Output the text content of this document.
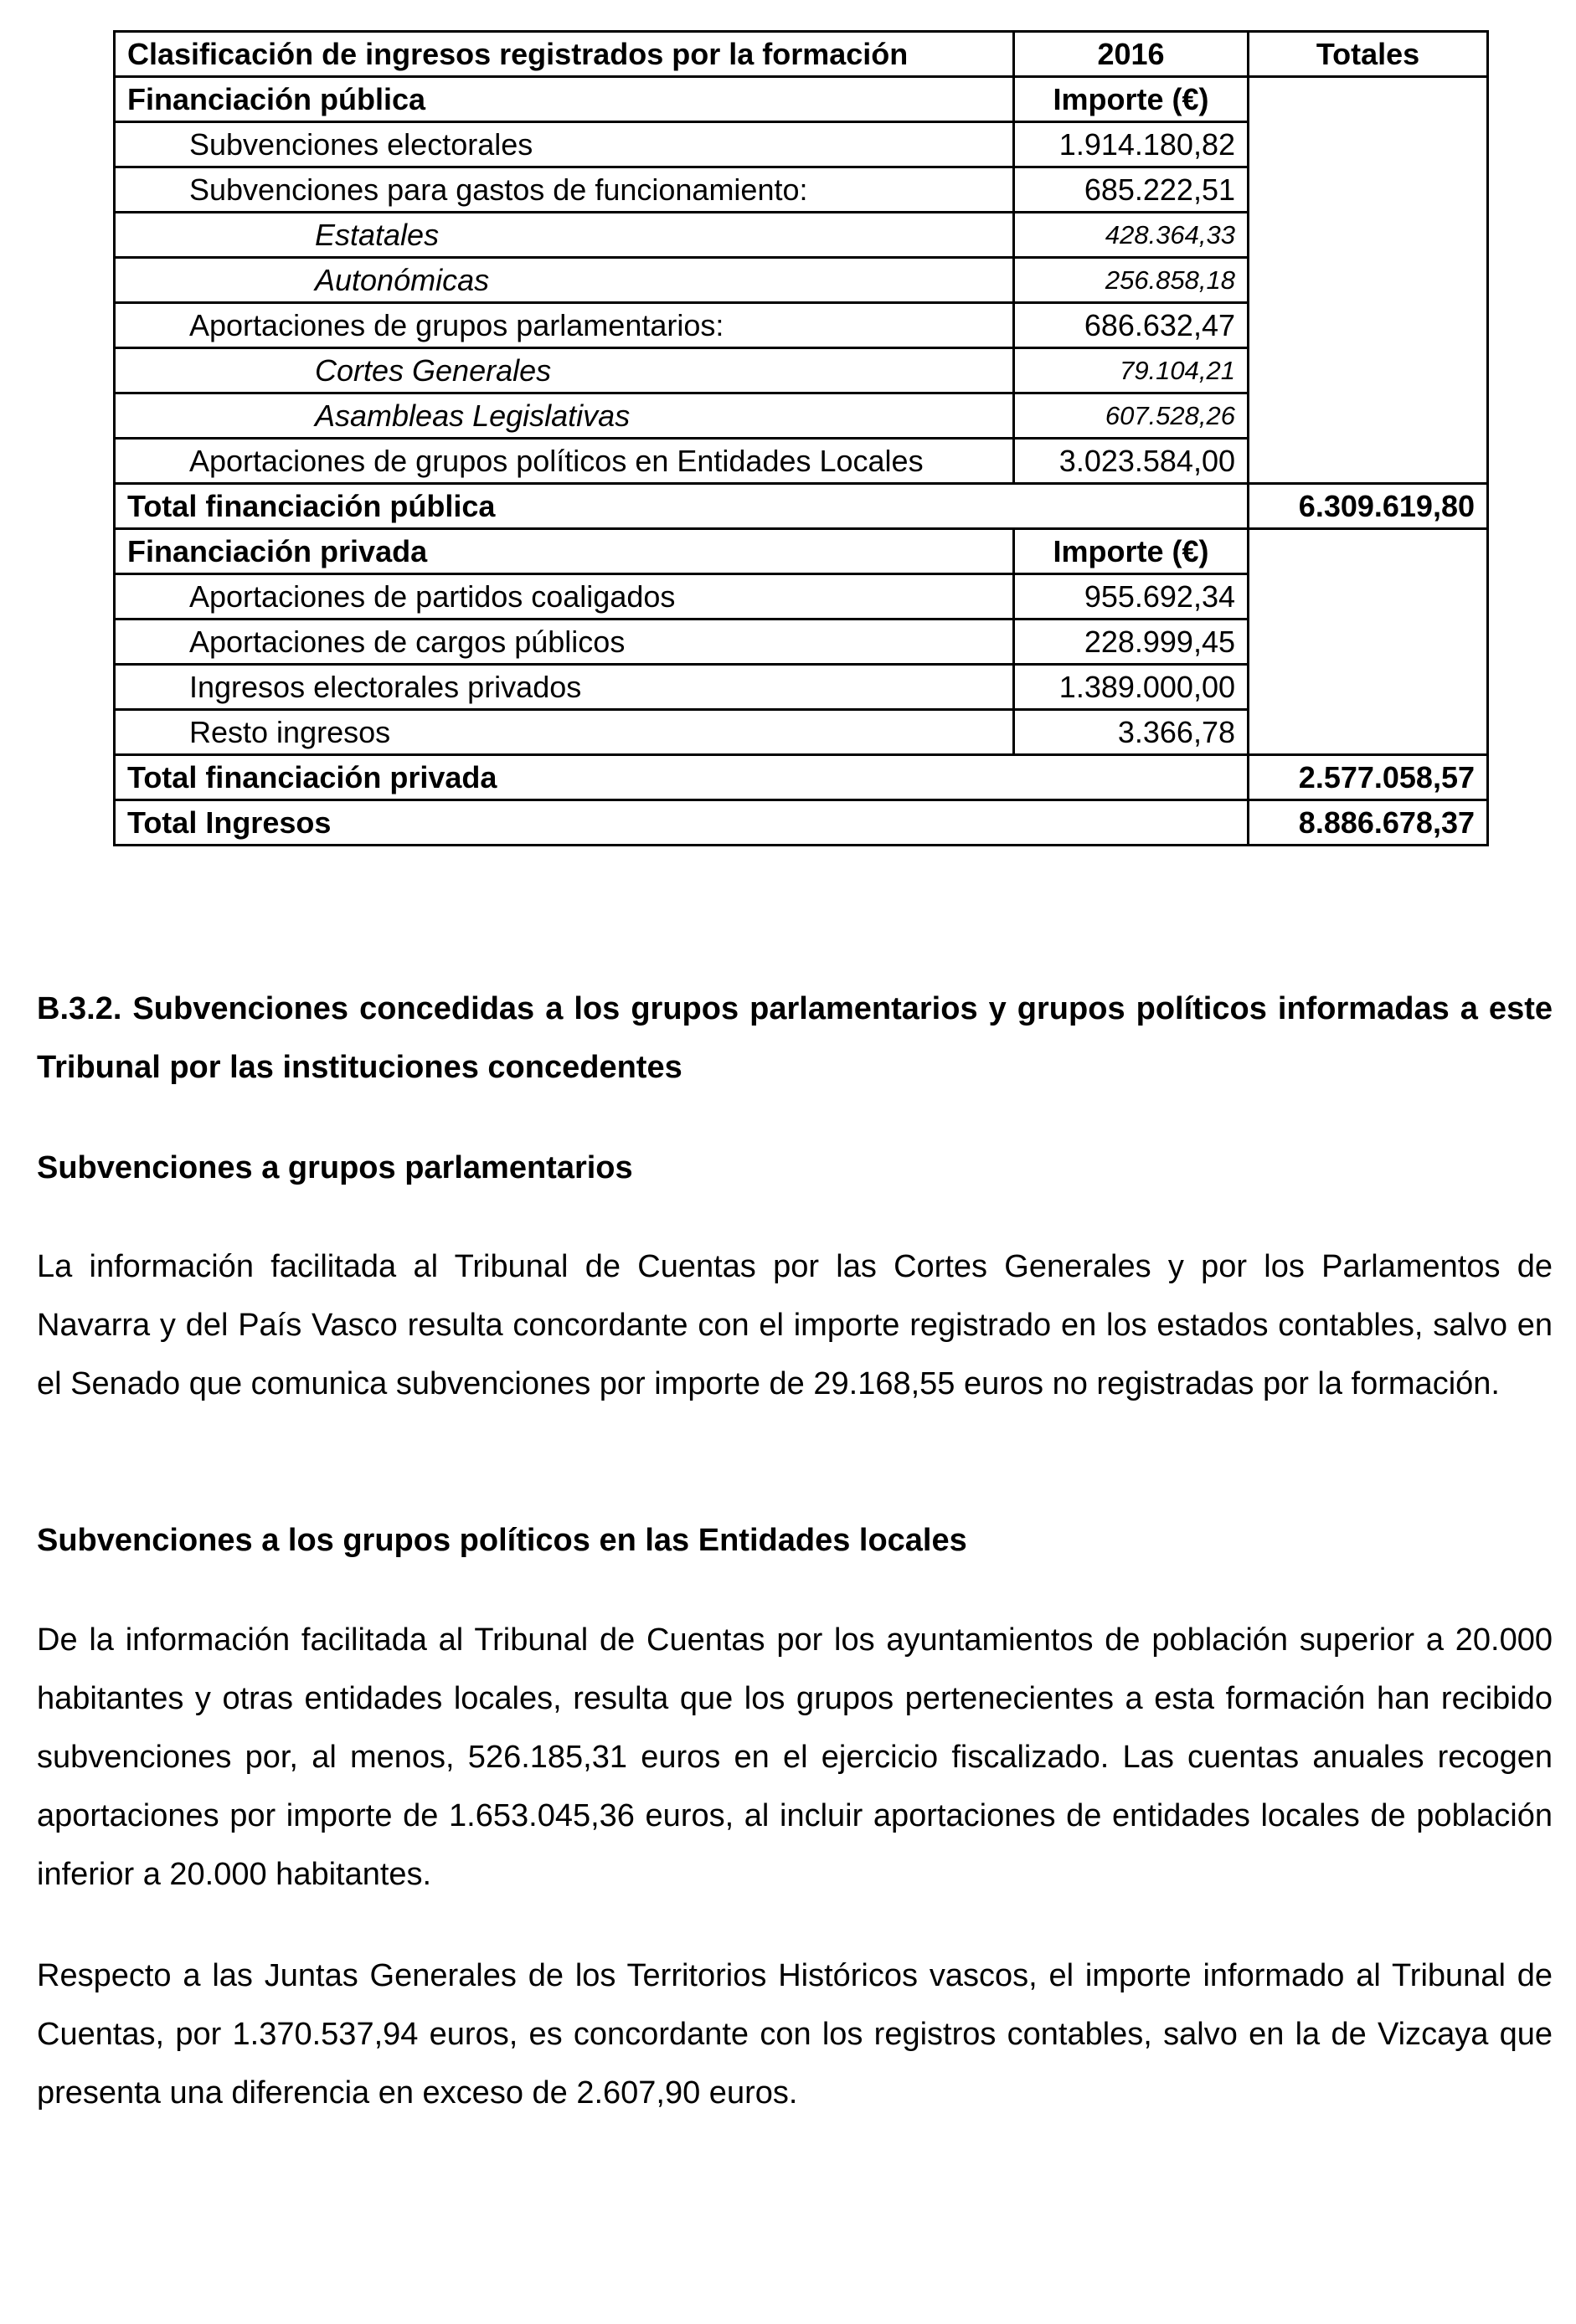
Clasificación de ingresos registrados por la formación	2016	Totales
Financiación pública	Importe (€)	
Subvenciones electorales	1.914.180,82	
Subvenciones para gastos de funcionamiento:	685.222,51	
Estatales	428.364,33	
Autonómicas	256.858,18	
Aportaciones de grupos parlamentarios:	686.632,47	
Cortes Generales	79.104,21	
Asambleas Legislativas	607.528,26	
Aportaciones de grupos políticos en Entidades Locales	3.023.584,00	
Total financiación pública		6.309.619,80
Financiación privada	Importe (€)	
Aportaciones de partidos coaligados	955.692,34	
Aportaciones de cargos públicos	228.999,45	
Ingresos electorales privados	1.389.000,00	
Resto ingresos	3.366,78	
Total financiación privada		2.577.058,57
Total Ingresos		8.886.678,37
B.3.2. Subvenciones concedidas a los grupos parlamentarios y grupos políticos informadas a este Tribunal por las instituciones concedentes
Subvenciones a grupos parlamentarios
La información facilitada al Tribunal de Cuentas por las Cortes Generales y por los Parlamentos de Navarra y del País Vasco resulta concordante con el importe registrado en los estados contables, salvo en el Senado que comunica subvenciones por importe de 29.168,55 euros no registradas por la formación.
Subvenciones a los grupos políticos en las Entidades locales
De la información facilitada al Tribunal de Cuentas por los ayuntamientos de población superior a 20.000 habitantes y otras entidades locales, resulta que los grupos pertenecientes a esta formación han recibido subvenciones por, al menos, 526.185,31 euros en el ejercicio fiscalizado. Las cuentas anuales recogen aportaciones por importe de 1.653.045,36 euros, al incluir aportaciones de entidades locales de población inferior a 20.000 habitantes.
Respecto a las Juntas Generales de los Territorios Históricos vascos, el importe informado al Tribunal de Cuentas, por 1.370.537,94 euros, es concordante con los registros contables, salvo en la de Vizcaya que presenta una diferencia en exceso de 2.607,90 euros.
